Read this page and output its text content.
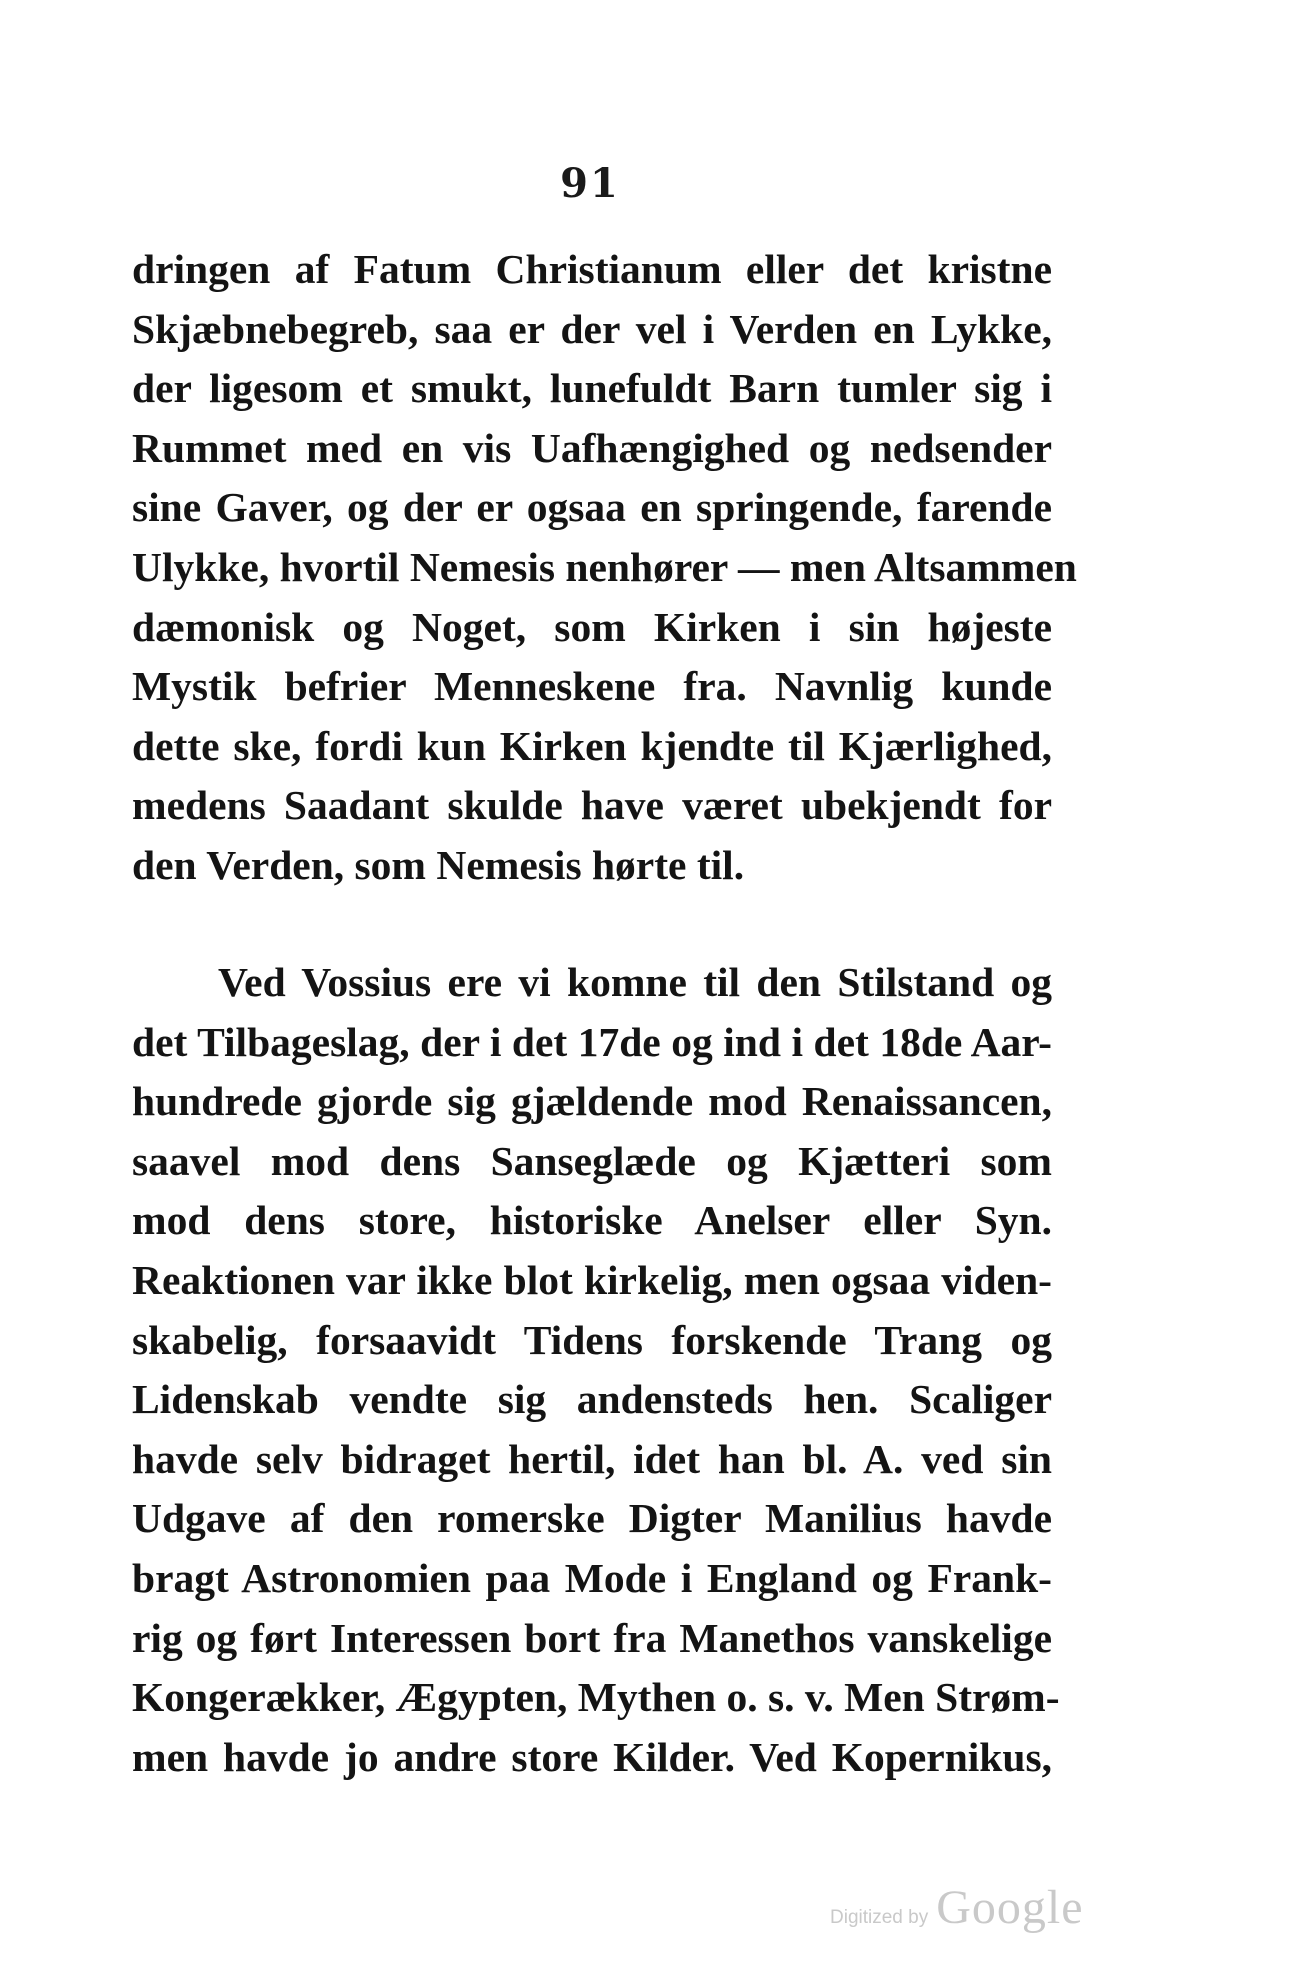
91
dringen af Fatum Christianum eller det kristne
Skjæbnebegreb, saa er der vel i Verden en Lykke,
der ligesom et smukt, lunefuldt Barn tumler sig i
Rummet med en vis Uafhængighed og nedsender
sine Gaver, og der er ogsaa en springende, farende
Ulykke, hvortil Nemesis nenhører — men Altsammen
dæmonisk og Noget, som Kirken i sin højeste
Mystik befrier Menneskene fra. Navnlig kunde
dette ske, fordi kun Kirken kjendte til Kjærlighed,
medens Saadant skulde have været ubekjendt for
den Verden, som Nemesis hørte til.
Ved Vossius ere vi komne til den Stilstand og
det Tilbageslag, der i det 17de og ind i det 18de Aar-
hundrede gjorde sig gjældende mod Renaissancen,
saavel mod dens Sanseglæde og Kjætteri som
mod dens store, historiske Anelser eller Syn.
Reaktionen var ikke blot kirkelig, men ogsaa viden-
skabelig, forsaavidt Tidens forskende Trang og
Lidenskab vendte sig andensteds hen. Scaliger
havde selv bidraget hertil, idet han bl. A. ved sin
Udgave af den romerske Digter Manilius havde
bragt Astronomien paa Mode i England og Frank-
rig og ført Interessen bort fra Manethos vanskelige
Kongerækker, Ægypten, Mythen o. s. v. Men Strøm-
men havde jo andre store Kilder. Ved Kopernikus,
Digitized by Google
